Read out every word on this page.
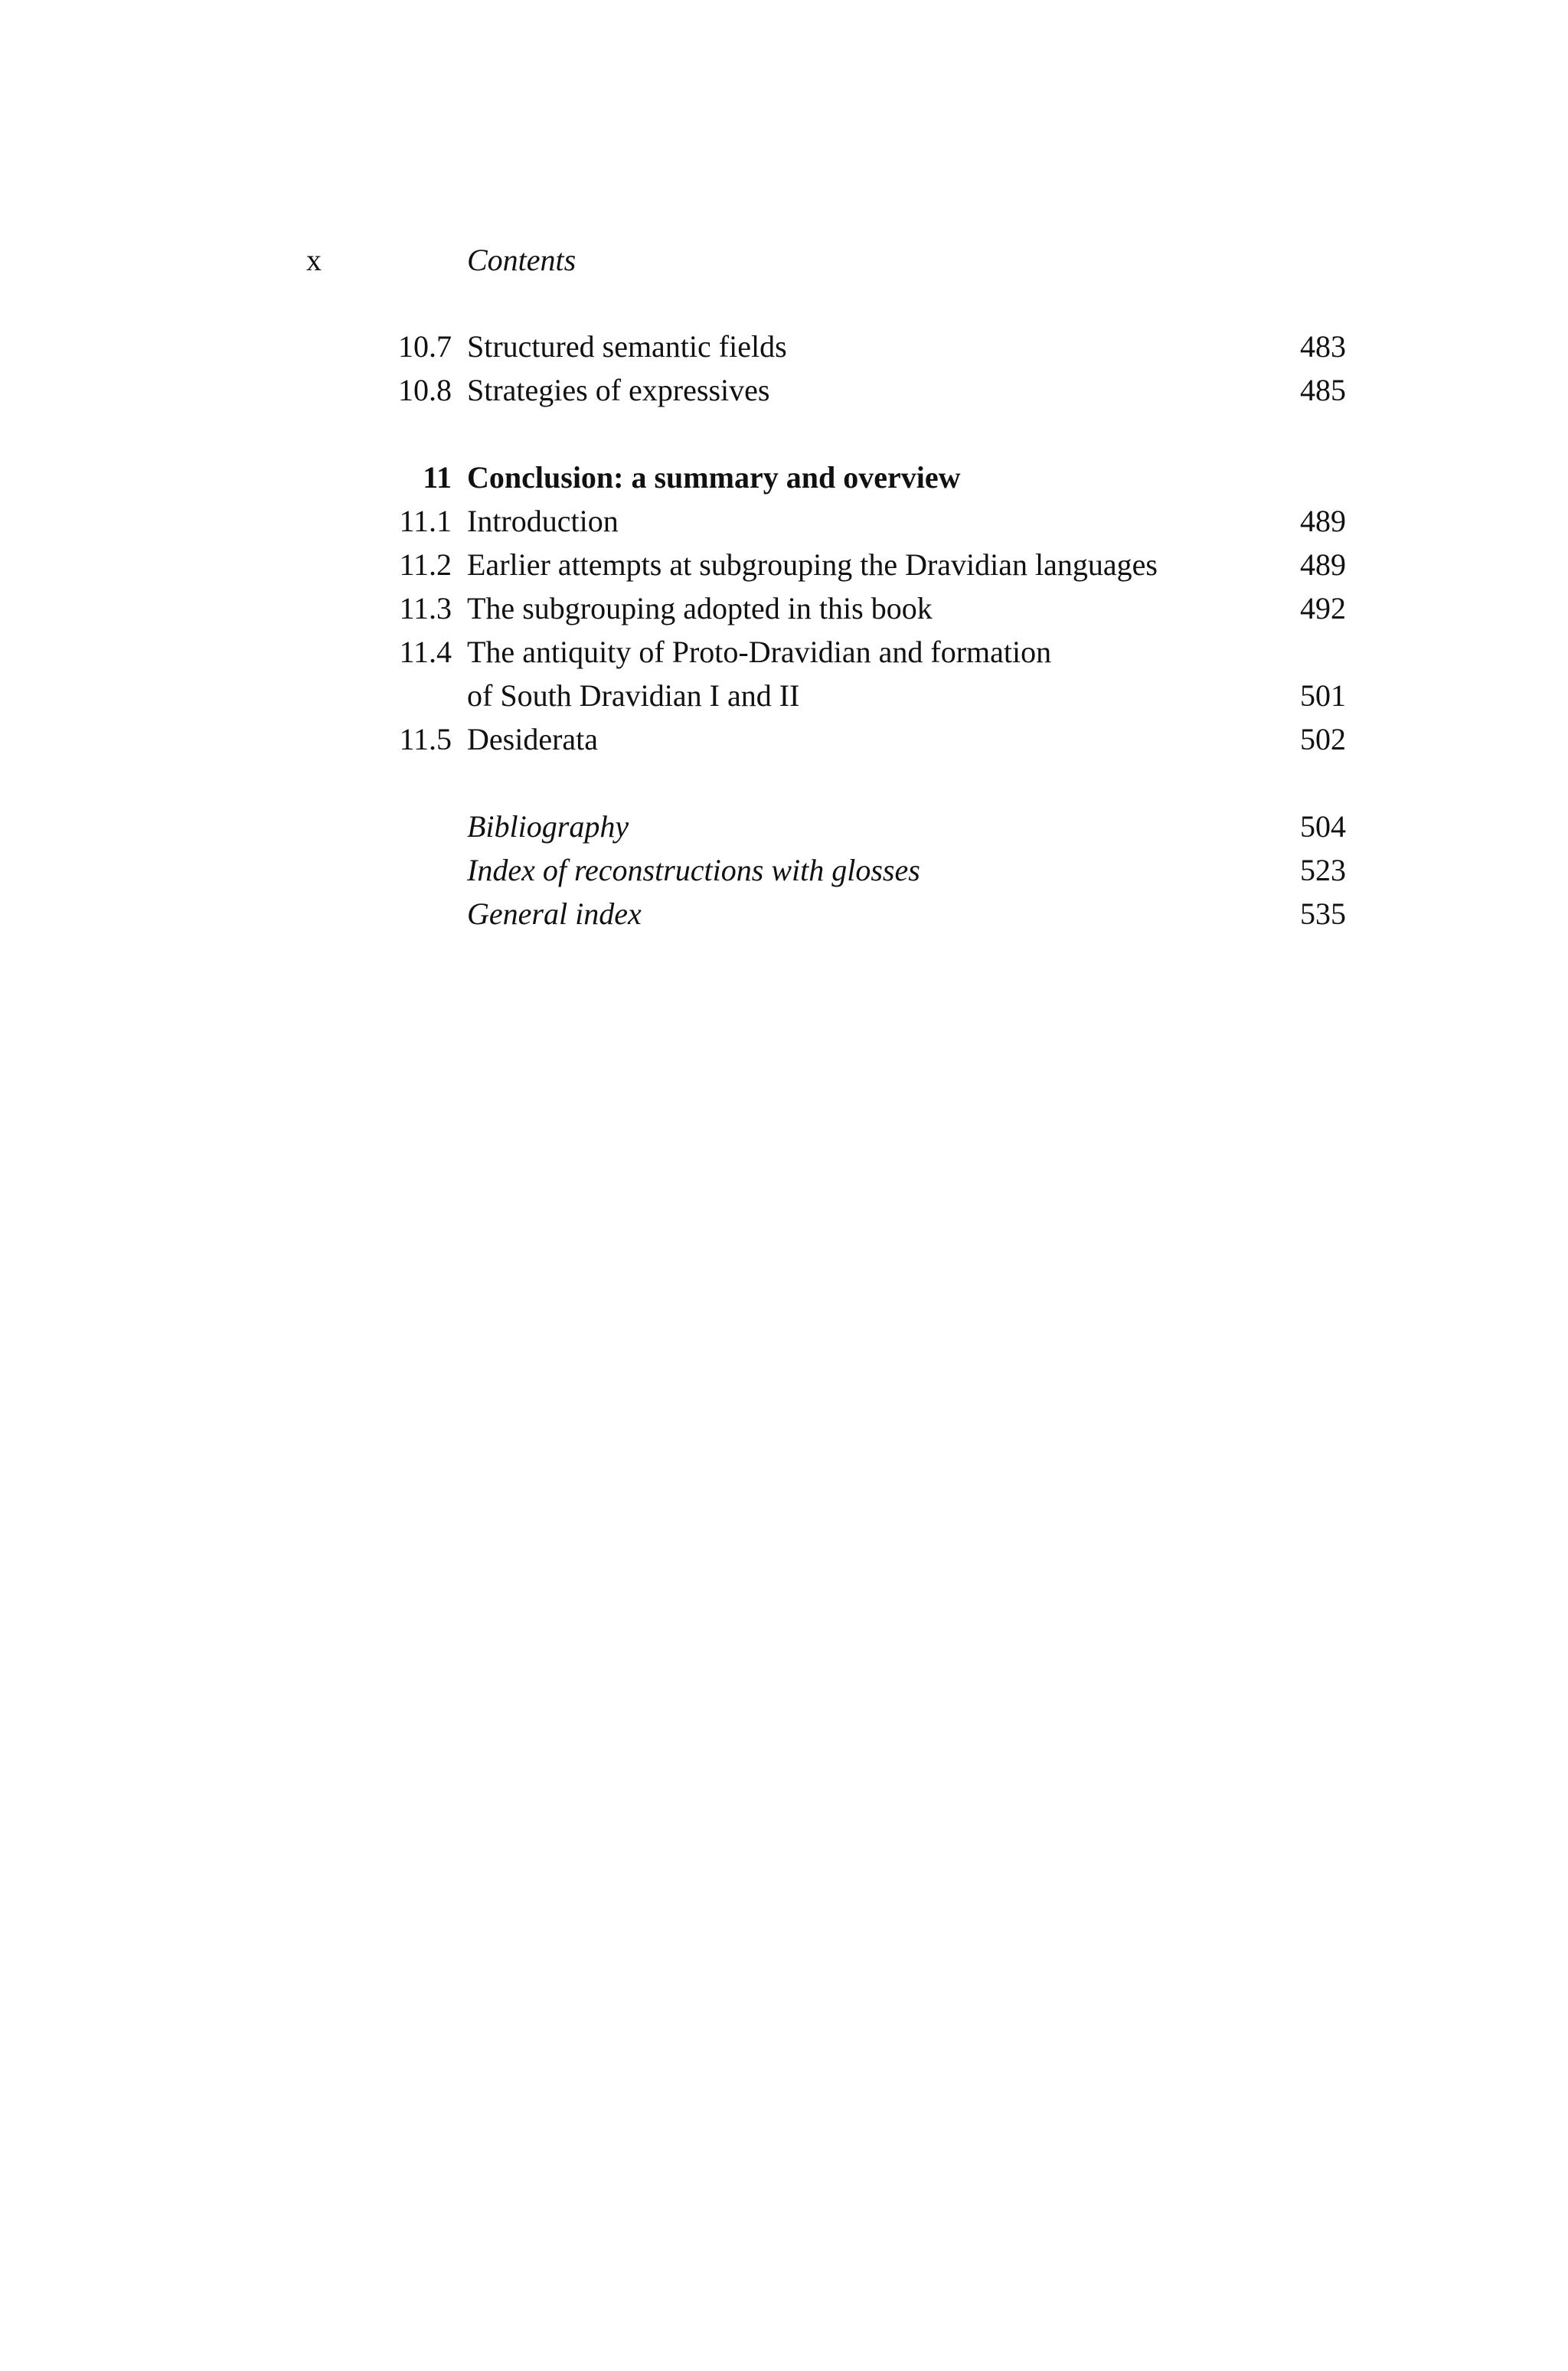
x	Contents
10.7 Structured semantic fields	483
10.8 Strategies of expressives	485
11 Conclusion: a summary and overview
11.1 Introduction	489
11.2 Earlier attempts at subgrouping the Dravidian languages	489
11.3 The subgrouping adopted in this book	492
11.4 The antiquity of Proto-Dravidian and formation
of South Dravidian I and II	501
11.5 Desiderata	502
Bibliography	504
Index of reconstructions with glosses	523
General index	535
